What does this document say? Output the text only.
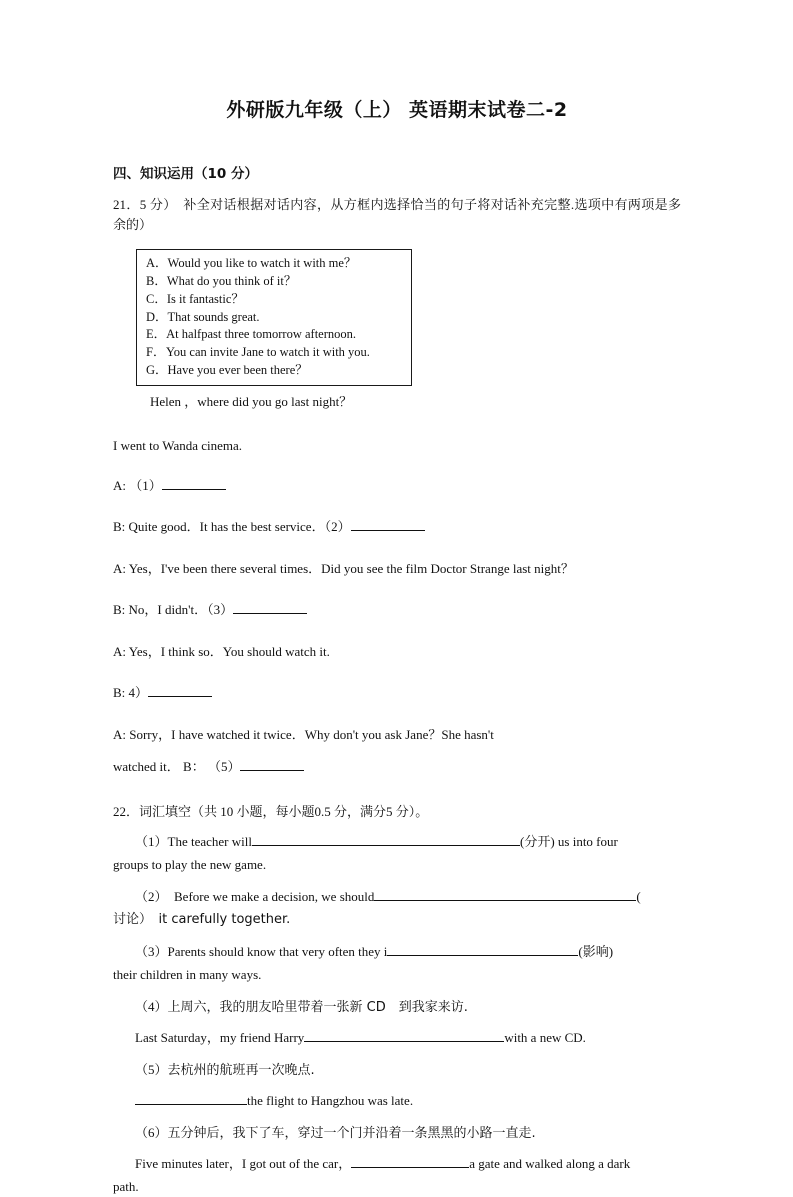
外研版九年级（上） 英语期末试卷二-2
四、知识运用（10 分）
21．5 分）　补全对话根据对话内容，从方框内选择恰当的句子将对话补充完整.选项中有两项是多 余的）
A．Would you like to watch it with me？
B．What do you think of it？
C．Is it fantastic？
D．That sounds great.
E．At halfpast three tomorrow afternoon.
F．You can invite Jane to watch it with you.
G．Have you ever been there？
Helen ，where did you go last night？
I went to Wanda cinema.
A: （1）
B: Quite good．It has the best service．（2）
A: Yes，I've been there several times．Did you see the film Doctor Strange last night？
B: No，I didn't．（3）
A: Yes，I think so．You should watch it.
B: 4）
A: Sorry，I have watched it twice．Why don't you ask Jane？She hasn't
watched it． B： （5）
22．词汇填空（共 10 小题，每小题0.5 分，满分5 分）。
（1）The teacher will	(分开) us into four
groups to play the new game.
（2）　Before we make a decision, we should	(
讨论）　it carefully together.
（3）Parents should know that very often they i	(影响)
their children in many ways.
（4）上周六，我的朋友哈里带着一张新 CD　到我家来访.
Last Saturday，my friend Harry	with a new CD.
（5）去杭州的航班再一次晚点.
the flight to Hangzhou was late.
（6）五分钟后，我下了车，穿过一个门并沿着一条黑黑的小路一直走.
Five minutes later，I got out of the car，	a gate and walked along a dark
path.
